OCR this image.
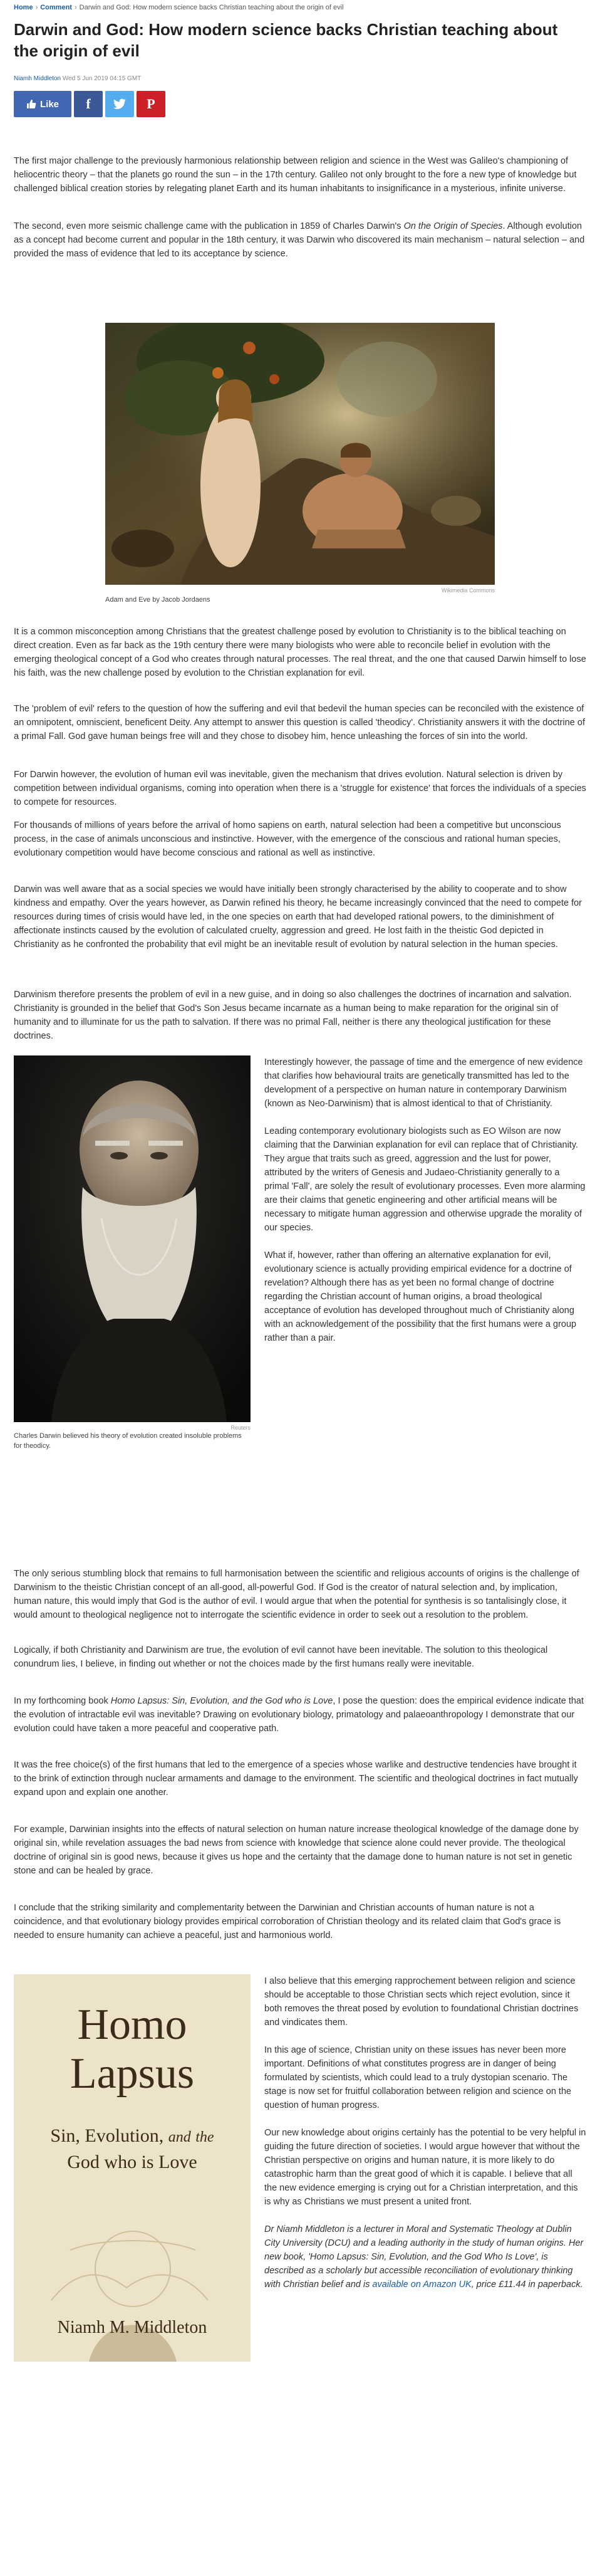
Home › Comment › Darwin and God: How modern science backs Christian teaching about the origin of evil
Darwin and God: How modern science backs Christian teaching about the origin of evil
Niamh Middleton Wed 5 Jun 2019 04:15 GMT
Like f	P

The first major challenge to the previously harmonious relationship between religion and science in the West was Galileo's championing of heliocentric theory – that the planets go round the sun – in the 17th century. Galileo not only brought to the fore a new type of knowledge but challenged biblical creation stories by relegating planet Earth and its human inhabitants to insignificance in a mysterious, infinite universe.

The second, even more seismic challenge came with the publication in 1859 of Charles Darwin's On the Origin of Species. Although evolution as a concept had become current and popular in the 18th century, it was Darwin who discovered its main mechanism – natural selection – and provided the mass of evidence that led to its acceptance by science.

Wikimedia Commons
Adam and Eve by Jacob Jordaens

It is a common misconception among Christians that the greatest challenge posed by evolution to Christianity is to the biblical teaching on direct creation. Even as far back as the 19th century there were many biologists who were able to reconcile belief in evolution with the emerging theological concept of a God who creates through natural processes. The real threat, and the one that caused Darwin himself to lose his faith, was the new challenge posed by evolution to the Christian explanation for evil.

The 'problem of evil' refers to the question of how the suffering and evil that bedevil the human species can be reconciled with the existence of an omnipotent, omniscient, beneficent Deity. Any attempt to answer this question is called 'theodicy'. Christianity answers it with the doctrine of a primal Fall. God gave human beings free will and they chose to disobey him, hence unleashing the forces of sin into the world.

For Darwin however, the evolution of human evil was inevitable, given the mechanism that drives evolution. Natural selection is driven by competition between individual organisms, coming into operation when there is a 'struggle for existence' that forces the individuals of a species to compete for resources.

For thousands of millions of years before the arrival of homo sapiens on earth, natural selection had been a competitive but unconscious process, in the case of animals unconscious and instinctive. However, with the emergence of the conscious and rational human species, evolutionary competition would have become conscious and rational as well as instinctive.

Darwin was well aware that as a social species we would have initially been strongly characterised by the ability to cooperate and to show kindness and empathy. Over the years however, as Darwin refined his theory, he became increasingly convinced that the need to compete for resources during times of crisis would have led, in the one species on earth that had developed rational powers, to the diminishment of affectionate instincts caused by the evolution of calculated cruelty, aggression and greed. He lost faith in the theistic God depicted in Christianity as he confronted the probability that evil might be an inevitable result of evolution by natural selection in the human species.

Darwinism therefore presents the problem of evil in a new guise, and in doing so also challenges the doctrines of incarnation and salvation. Christianity is grounded in the belief that God's Son Jesus became incarnate as a human being to make reparation for the original sin of humanity and to illuminate for us the path to salvation. If there was no primal Fall, neither is there any theological justification for these doctrines.

Reuters
Charles Darwin believed his theory of evolution created insoluble problems for theodicy.

Interestingly however, the passage of time and the emergence of new evidence that clarifies how behavioural traits are genetically transmitted has led to the development of a perspective on human nature in contemporary Darwinism (known as Neo-Darwinism) that is almost identical to that of Christianity.

Leading contemporary evolutionary biologists such as EO Wilson are now claiming that the Darwinian explanation for evil can replace that of Christianity. They argue that traits such as greed, aggression and the lust for power, attributed by the writers of Genesis and Judaeo-Christianity generally to a primal 'Fall', are solely the result of evolutionary processes. Even more alarming are their claims that genetic engineering and other artificial means will be necessary to mitigate human aggression and otherwise upgrade the morality of our species.

What if, however, rather than offering an alternative explanation for evil, evolutionary science is actually providing empirical evidence for a doctrine of revelation? Although there has as yet been no formal change of doctrine regarding the Christian account of human origins, a broad theological acceptance of evolution has developed throughout much of Christianity along with an acknowledgement of the possibility that the first humans were a group rather than a pair.

The only serious stumbling block that remains to full harmonisation between the scientific and religious accounts of origins is the challenge of Darwinism to the theistic Christian concept of an all-good, all-powerful God. If God is the creator of natural selection and, by implication, human nature, this would imply that God is the author of evil. I would argue that when the potential for synthesis is so tantalisingly close, it would amount to theological negligence not to interrogate the scientific evidence in order to seek out a resolution to the problem.

Logically, if both Christianity and Darwinism are true, the evolution of evil cannot have been inevitable. The solution to this theological conundrum lies, I believe, in finding out whether or not the choices made by the first humans really were inevitable.

In my forthcoming book Homo Lapsus: Sin, Evolution, and the God who is Love, I pose the question: does the empirical evidence indicate that the evolution of intractable evil was inevitable? Drawing on evolutionary biology, primatology and palaeoanthropology I demonstrate that our evolution could have taken a more peaceful and cooperative path.

It was the free choice(s) of the first humans that led to the emergence of a species whose warlike and destructive tendencies have brought it to the brink of extinction through nuclear armaments and damage to the environment. The scientific and theological doctrines in fact mutually expand upon and explain one another.

For example, Darwinian insights into the effects of natural selection on human nature increase theological knowledge of the damage done by original sin, while revelation assuages the bad news from science with knowledge that science alone could never provide. The theological doctrine of original sin is good news, because it gives us hope and the certainty that the damage done to human nature is not set in genetic stone and can be healed by grace.

I conclude that the striking similarity and complementarity between the Darwinian and Christian accounts of human nature is not a coincidence, and that evolutionary biology provides empirical corroboration of Christian theology and its related claim that God's grace is needed to ensure humanity can achieve a peaceful, just and harmonious world.

Homo
Lapsus
Sin, Evolution, and the
God who is Love
Niamh M. Middleton

I also believe that this emerging rapprochement between religion and science should be acceptable to those Christian sects which reject evolution, since it both removes the threat posed by evolution to foundational Christian doctrines and vindicates them.

In this age of science, Christian unity on these issues has never been more important. Definitions of what constitutes progress are in danger of being formulated by scientists, which could lead to a truly dystopian scenario. The stage is now set for fruitful collaboration between religion and science on the question of human progress.

Our new knowledge about origins certainly has the potential to be very helpful in guiding the future direction of societies. I would argue however that without the Christian perspective on origins and human nature, it is more likely to do catastrophic harm than the great good of which it is capable. I believe that all the new evidence emerging is crying out for a Christian interpretation, and this is why as Christians we must present a united front.

Dr Niamh Middleton is a lecturer in Moral and Systematic Theology at Dublin City University (DCU) and a leading authority in the study of human origins. Her new book, 'Homo Lapsus: Sin, Evolution, and the God Who Is Love', is described as a scholarly but accessible reconciliation of evolutionary thinking with Christian belief and is available on Amazon UK, price £11.44 in paperback.
